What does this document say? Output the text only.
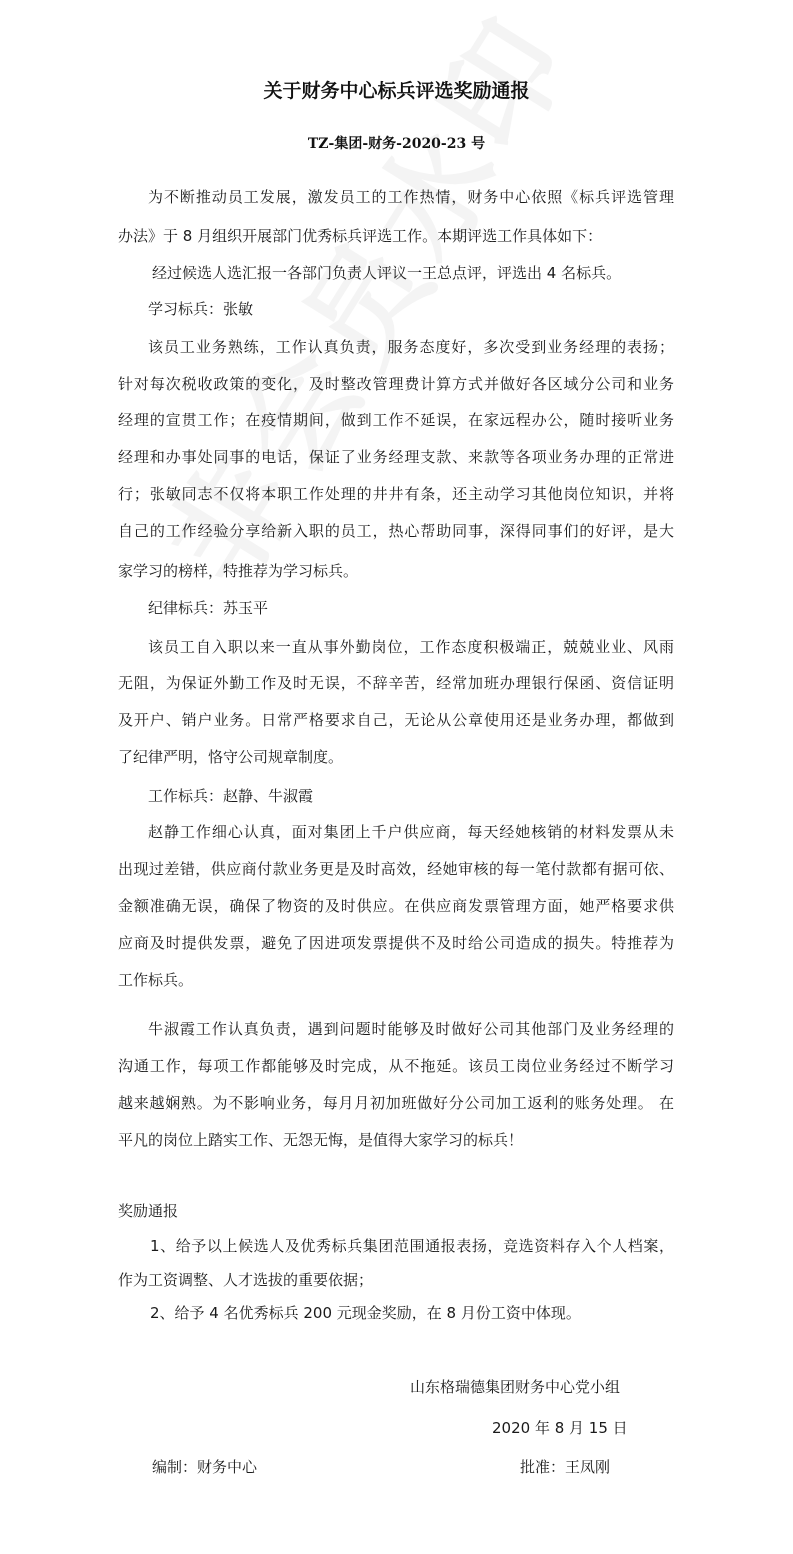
关于财务中心标兵评选奖励通报
TZ-集团-财务-2020-23 号
为不断推动员工发展，激发员工的工作热情，财务中心依照《标兵评选管理
办法》于 8 月组织开展部门优秀标兵评选工作。本期评选工作具体如下：
经过候选人选汇报一各部门负责人评议一王总点评，评选出 4 名标兵。
学习标兵：张敏
该员工业务熟练，工作认真负责，服务态度好，多次受到业务经理的表扬；
针对每次税收政策的变化，及时整改管理费计算方式并做好各区域分公司和业务
经理的宣贯工作；在疫情期间，做到工作不延误，在家远程办公，随时接听业务
经理和办事处同事的电话，保证了业务经理支款、来款等各项业务办理的正常进
行；张敏同志不仅将本职工作处理的井井有条，还主动学习其他岗位知识，并将
自己的工作经验分享给新入职的员工，热心帮助同事，深得同事们的好评，是大
家学习的榜样，特推荐为学习标兵。
纪律标兵：苏玉平
该员工自入职以来一直从事外勤岗位，工作态度积极端正，兢兢业业、风雨
无阻，为保证外勤工作及时无误，不辞辛苦，经常加班办理银行保函、资信证明
及开户、销户业务。日常严格要求自己，无论从公章使用还是业务办理，都做到
了纪律严明，恪守公司规章制度。
工作标兵：赵静、牛淑霞
赵静工作细心认真，面对集团上千户供应商，每天经她核销的材料发票从未
出现过差错，供应商付款业务更是及时高效，经她审核的每一笔付款都有据可依、
金额准确无误，确保了物资的及时供应。在供应商发票管理方面，她严格要求供
应商及时提供发票，避免了因进项发票提供不及时给公司造成的损失。特推荐为
工作标兵。
牛淑霞工作认真负责，遇到问题时能够及时做好公司其他部门及业务经理的
沟通工作，每项工作都能够及时完成，从不拖延。该员工岗位业务经过不断学习
越来越娴熟。为不影响业务，每月月初加班做好分公司加工返利的账务处理。 在
平凡的岗位上踏实工作、无怨无悔，是值得大家学习的标兵！
奖励通报
1、给予以上候选人及优秀标兵集团范围通报表扬，竞选资料存入个人档案，
作为工资调整、人才选拔的重要依据；
2、给予 4 名优秀标兵 200 元现金奖励，在 8 月份工资中体现。
山东格瑞德集团财务中心党小组
2020 年 8 月 15 日
编制：财务中心	批准：王凤刚
